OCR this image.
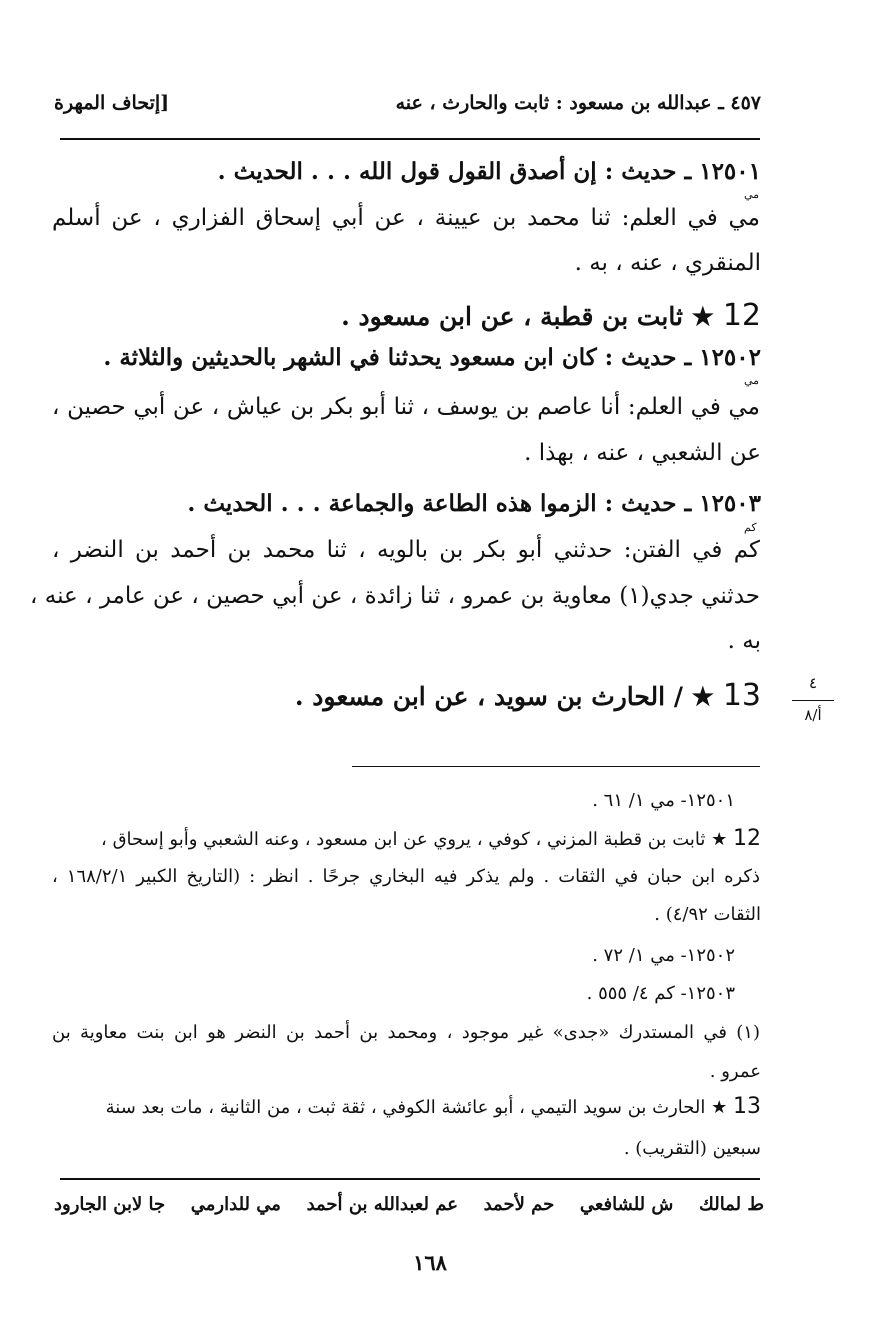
٤٥٧ ـ عبدالله بن مسعود : ثابت والحارث ، عنه
[إتحاف المهرة
١٢٥٠١ ـ حديث : إن أصدق القول قول الله . . . الحديث .
مي
مي في العلم: ثنا محمد بن عيينة ، عن أبي إسحاق الفزاري ، عن أسلم
المنقري ، عنه ، به .
12 ★ ثابت بن قطبة ، عن ابن مسعود .
١٢٥٠٢ ـ حديث : كان ابن مسعود يحدثنا في الشهر بالحديثين والثلاثة .
مي
مي في العلم: أنا عاصم بن يوسف ، ثنا أبو بكر بن عياش ، عن أبي حصين ،
عن الشعبي ، عنه ، بهذا .
١٢٥٠٣ ـ حديث : الزموا هذه الطاعة والجماعة . . . الحديث .
كم
كم في الفتن: حدثني أبو بكر بن بالويه ، ثنا محمد بن أحمد بن النضر ،
حدثني جدي(١) معاوية بن عمرو ، ثنا زائدة ، عن أبي حصين ، عن عامر ، عنه ،
به .
13 ★ / الحارث بن سويد ، عن ابن مسعود .	٤
أ/٨
١٢٥٠١- مي ١/ ٦١ .
12 ★ ثابت بن قطبة المزني ، كوفي ، يروي عن ابن مسعود ، وعنه الشعبي وأبو إسحاق ،
ذكره ابن حبان في الثقات . ولم يذكر فيه البخاري جرحًا . انظر : (التاريخ الكبير ١٦٨/٢/١ ،
الثقات ٤/٩٢) .
١٢٥٠٢- مي ١/ ٧٢ .
١٢٥٠٣- كم ٤/ ٥٥٥ .
(١) في المستدرك «جدى» غير موجود ، ومحمد بن أحمد بن النضر هو ابن بنت معاوية بن
عمرو .
13 ★ الحارث بن سويد التيمي ، أبو عائشة الكوفي ، ثقة ثبت ، من الثانية ، مات بعد سنة
سبعين (التقريب) .
ط لمالك
ش للشافعي
حم لأحمد
عم لعبدالله بن أحمد
مي للدارمي
جا لابن الجارود
١٦٨
